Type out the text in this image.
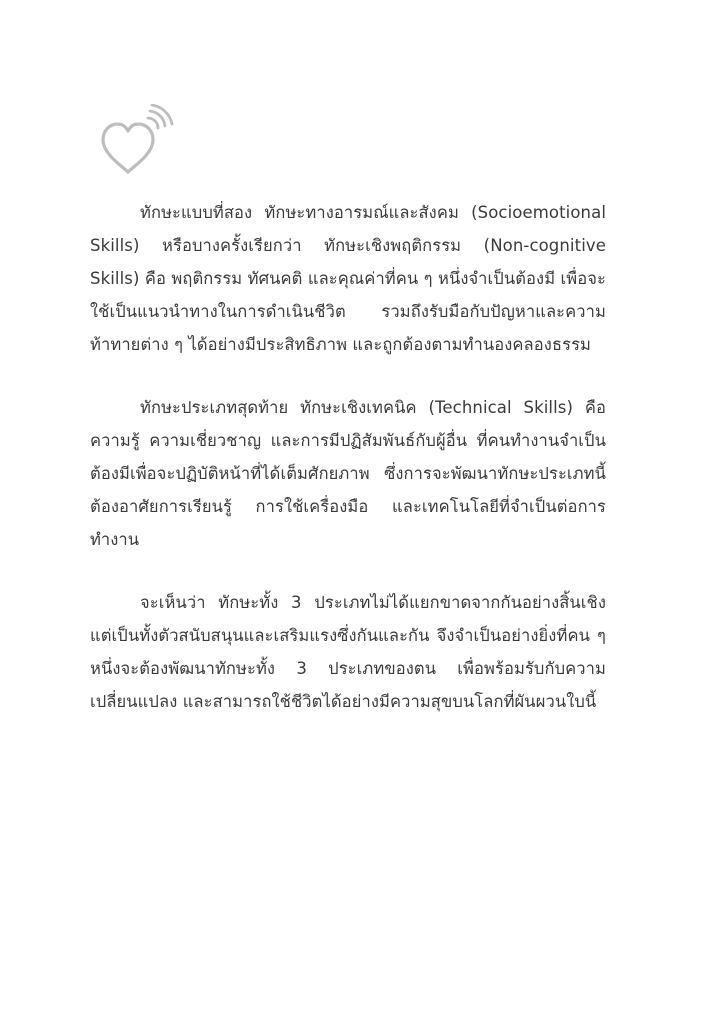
ทักษะแบบที่สอง ทักษะทางอารมณ์และสังคม (Socioemotional Skills) หรือบางครั้งเรียกว่า ทักษะเชิงพฤติกรรม (Non-cognitive Skills) คือ พฤติกรรม ทัศนคติ และคุณค่าที่คน ๆ หนึ่งจำเป็นต้องมี เพื่อจะใช้เป็นแนวนำทางในการดำเนินชีวิต รวมถึงรับมือกับปัญหาและความท้าทายต่าง ๆ ได้อย่างมีประสิทธิภาพ และถูกต้องตามทำนองคลองธรรม

ทักษะประเภทสุดท้าย ทักษะเชิงเทคนิค (Technical Skills) คือ ความรู้ ความเชี่ยวชาญ และการมีปฏิสัมพันธ์กับผู้อื่น ที่คนทำงานจำเป็นต้องมีเพื่อจะปฏิบัติหน้าที่ได้เต็มศักยภาพ ซึ่งการจะพัฒนาทักษะประเภทนี้ต้องอาศัยการเรียนรู้ การใช้เครื่องมือ และเทคโนโลยีที่จำเป็นต่อการทำงาน

จะเห็นว่า ทักษะทั้ง 3 ประเภทไม่ได้แยกขาดจากกันอย่างสิ้นเชิง แต่เป็นทั้งตัวสนับสนุนและเสริมแรงซึ่งกันและกัน จึงจำเป็นอย่างยิ่งที่คน ๆ หนึ่งจะต้องพัฒนาทักษะทั้ง 3 ประเภทของตน เพื่อพร้อมรับกับความเปลี่ยนแปลง และสามารถใช้ชีวิตได้อย่างมีความสุขบนโลกที่ผันผวนใบนี้
